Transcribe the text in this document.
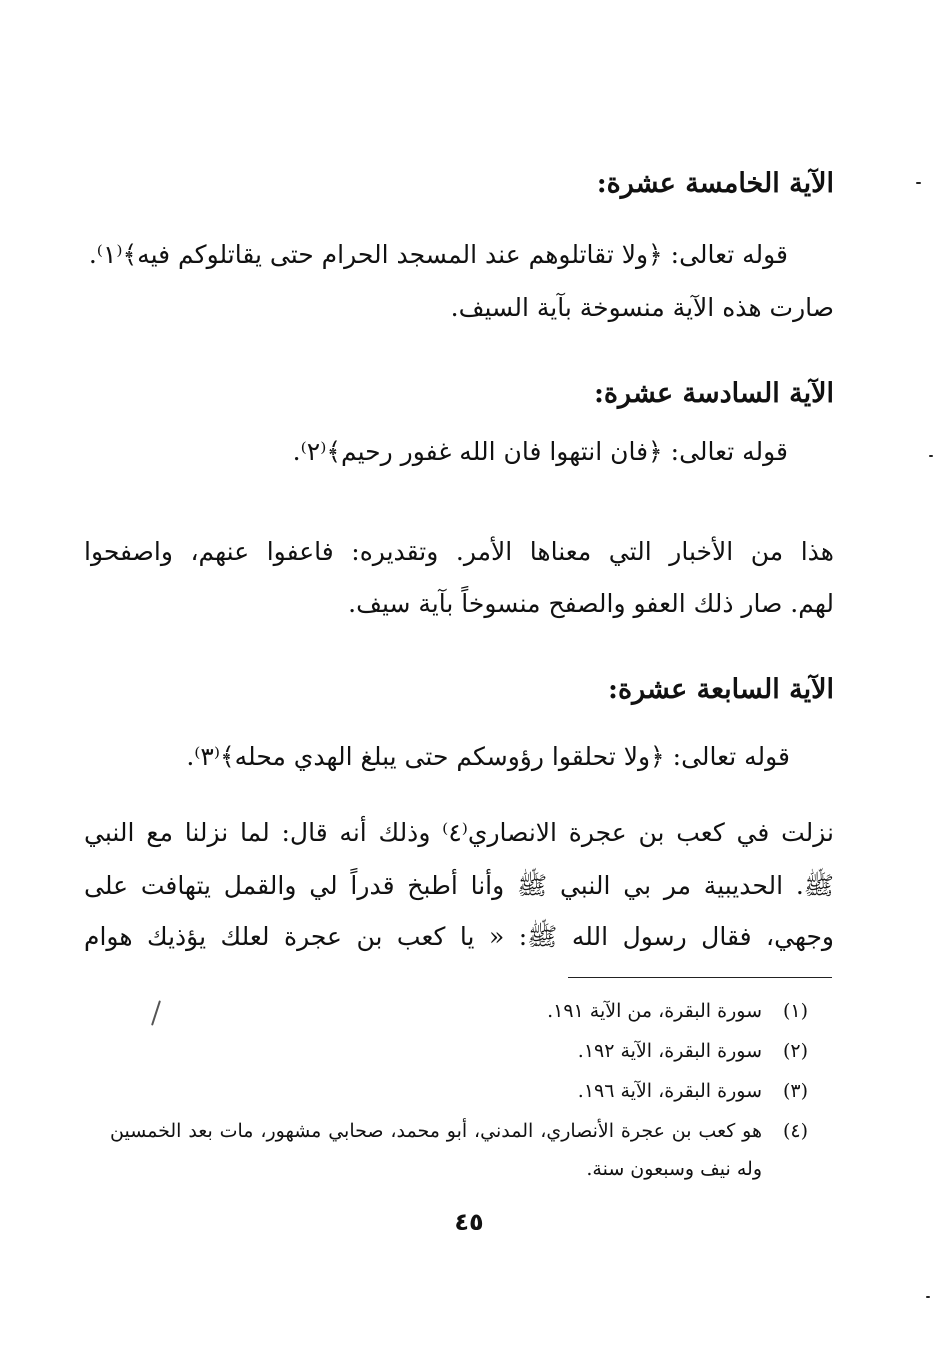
الآية الخامسة عشرة:
قوله تعالى: ﴿ولا تقاتلوهم عند المسجد الحرام حتى يقاتلوكم فيه﴾⁽١⁾.
صارت هذه الآية منسوخة بآية السيف.
الآية السادسة عشرة:
قوله تعالى: ﴿فان انتهوا فان الله غفور رحيم﴾⁽٢⁾.
هذا من الأخبار التي معناها الأمر. وتقديره: فاعفوا عنهم، واصفحوا
لهم. صار ذلك العفو والصفح منسوخاً بآية سيف.
الآية السابعة عشرة:
قوله تعالى: ﴿ولا تحلقوا رؤوسكم حتى يبلغ الهدي محله﴾⁽٣⁾.
نزلت في كعب بن عجرة الانصاري⁽٤⁾ وذلك أنه قال: لما نزلنا مع النبي
ﷺ. الحديبية مر بي النبي ﷺ وأنا أطبخ قدراً لي والقمل يتهافت على
وجهي، فقال رسول الله ﷺ: « يا كعب بن عجرة لعلك يؤذيك هوام
(١)
سورة البقرة، من الآية ١٩١.
(٢)
سورة البقرة، الآية ١٩٢.
(٣)
سورة البقرة، الآية ١٩٦.
(٤)
هو كعب بن عجرة الأنصاري، المدني، أبو محمد، صحابي مشهور، مات بعد الخمسين
وله نيف وسبعون سنة.
٤٥
